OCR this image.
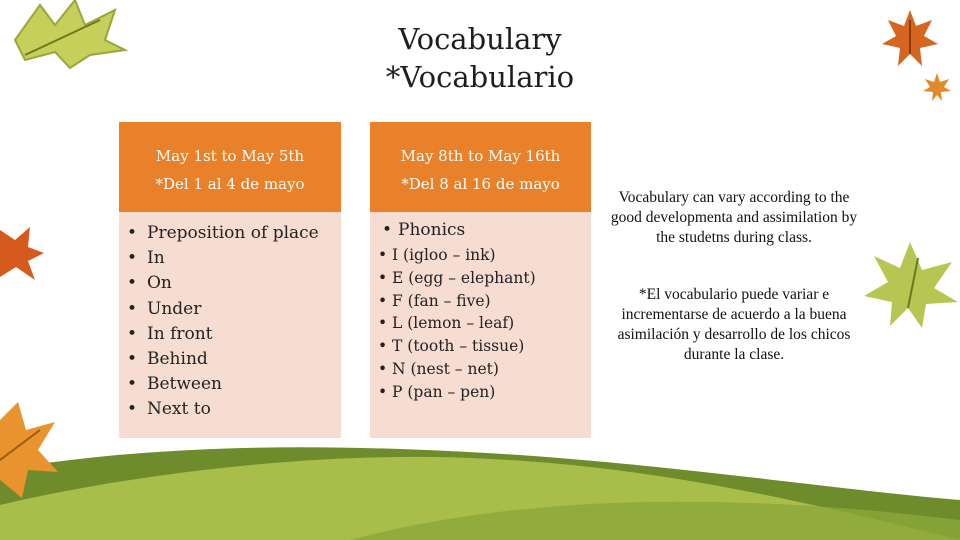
Vocabulary
*Vocabulario
May 1st to May 5th
*Del 1 al 4 de mayo
• Preposition of place
• In
• On
• Under
• In front
• Behind
• Between
• Next to
May 8th to May 16th
*Del 8 al 16 de mayo
• Phonics
• I (igloo – ink)
• E (egg – elephant)
• F (fan – five)
• L (lemon – leaf)
• T (tooth – tissue)
• N (nest – net)
• P (pan – pen)
Vocabulary can vary according to the good developmenta and assimilation by the studetns during class.
*El vocabulario puede variar e incrementarse de acuerdo a la buena asimilación y desarrollo de los chicos durante la clase.
